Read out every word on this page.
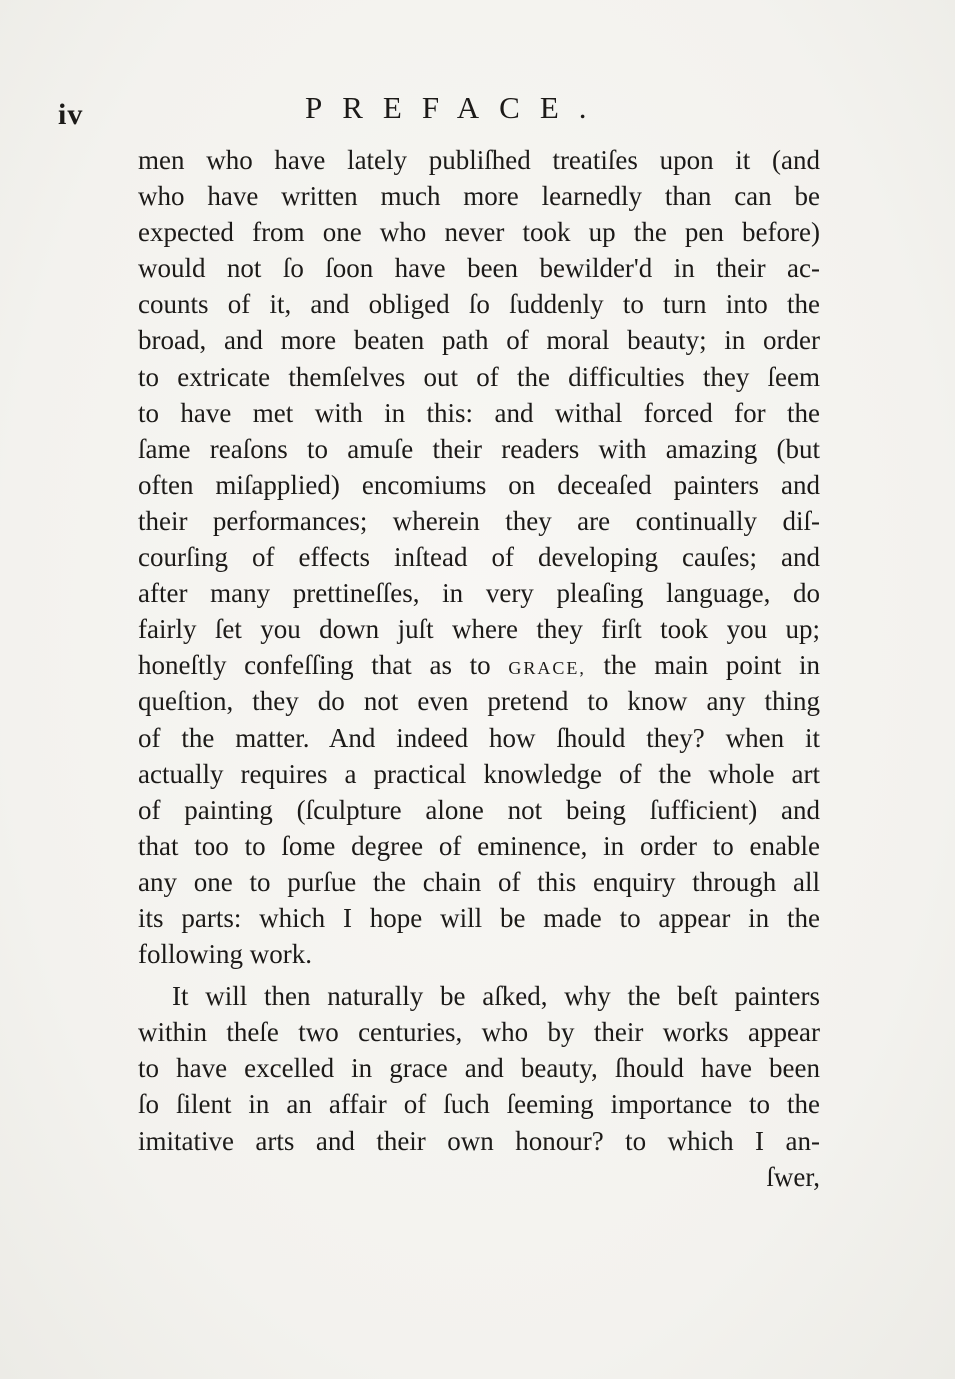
iv	PREFACE.
men who have lately publiſhed treatiſes upon it (and
who have written much more learnedly than can be
expected from one who never took up the pen before)
would not ſo ſoon have been bewilder'd in their ac-
counts of it, and obliged ſo ſuddenly to turn into the
broad, and more beaten path of moral beauty; in order
to extricate themſelves out of the difficulties they ſeem
to have met with in this: and withal forced for the
ſame reaſons to amuſe their readers with amazing (but
often miſapplied) encomiums on deceaſed painters and
their performances; wherein they are continually diſ-
courſing of effects inſtead of developing cauſes; and
after many prettineſſes, in very pleaſing language, do
fairly ſet you down juſt where they firſt took you up;
honeſtly confeſſing that as to GRACE, the main point in
queſtion, they do not even pretend to know any thing
of the matter. And indeed how ſhould they? when it
actually requires a practical knowledge of the whole art
of painting (ſculpture alone not being ſufficient) and
that too to ſome degree of eminence, in order to enable
any one to purſue the chain of this enquiry through all
its parts: which I hope will be made to appear in the
following work.
It will then naturally be aſked, why the beſt painters
within theſe two centuries, who by their works appear
to have excelled in grace and beauty, ſhould have been
ſo ſilent in an affair of ſuch ſeeming importance to the
imitative arts and their own honour? to which I an-
ſwer,
